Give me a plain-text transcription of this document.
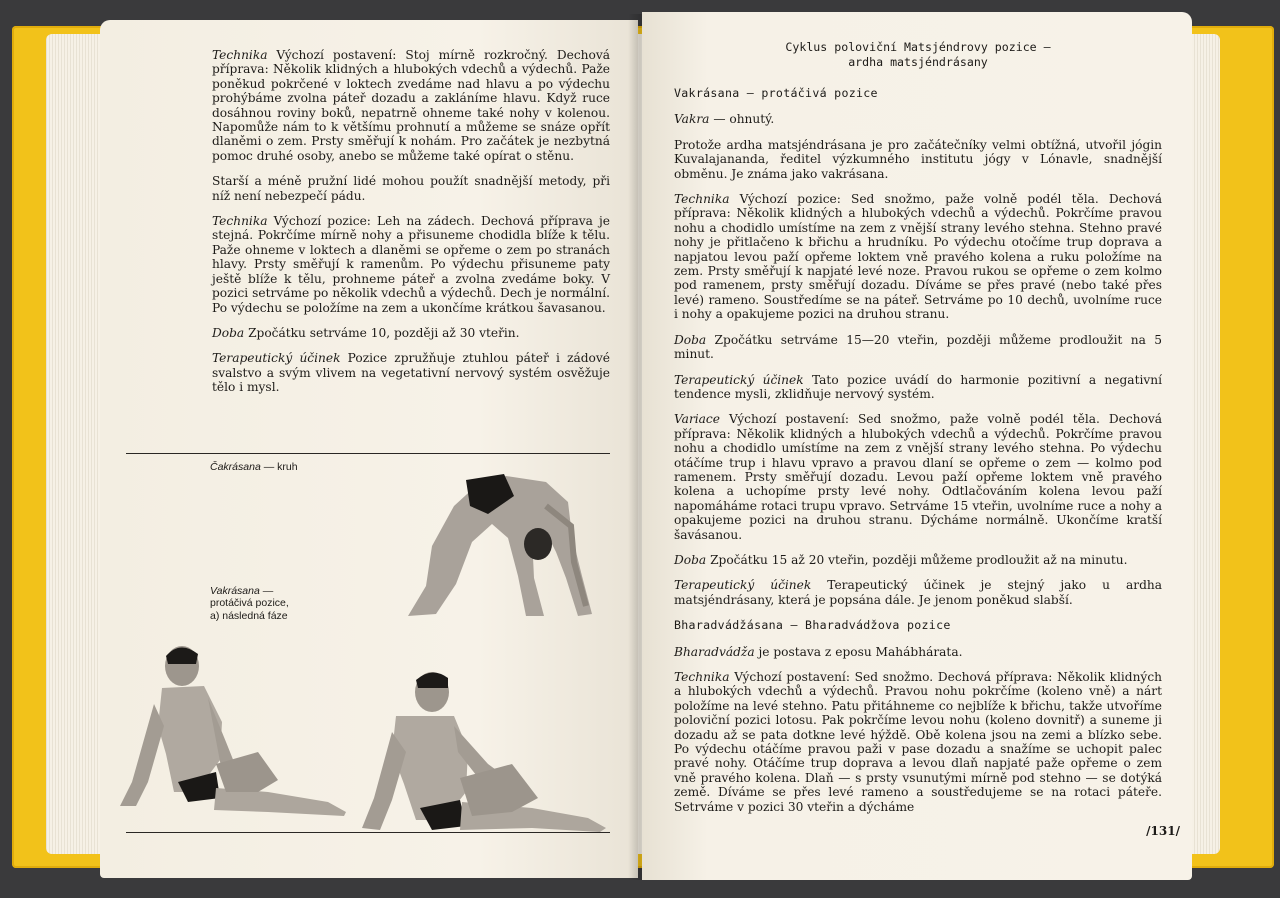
Technika Výchozí postavení: Stoj mírně rozkročný. Dechová příprava: Několik klidných a hlubokých vdechů a výdechů. Paže poněkud pokrčené v loktech zvedáme nad hlavu a po výdechu prohýbáme zvolna páteř dozadu a zakláníme hlavu. Když ruce dosáhnou roviny boků, nepatrně ohneme také nohy v kolenou. Napomůže nám to k většímu prohnutí a můžeme se snáze opřít dlaněmi o zem. Prsty směřují k nohám. Pro začátek je nezbytná pomoc druhé osoby, anebo se můžeme také opírat o stěnu.

Starší a méně pružní lidé mohou použít snadnější metody, při níž není nebezpečí pádu.

Technika Výchozí pozice: Leh na zádech. Dechová příprava je stejná. Pokrčíme mírně nohy a přisuneme chodidla blíže k tělu. Paže ohneme v loktech a dlaněmi se opřeme o zem po stranách hlavy. Prsty směřují k ramenům. Po výdechu přisuneme paty ještě blíže k tělu, prohneme páteř a zvolna zvedáme boky. V pozici setrváme po několik vdechů a výdechů. Dech je normální. Po výdechu se položíme na zem a ukončíme krátkou šavasanou.

Doba Zpočátku setrváme 10, později až 30 vteřin.

Terapeutický účinek Pozice zpružňuje ztuhlou páteř i zádové svalstvo a svým vlivem na vegetativní nervový systém osvěžuje tělo i mysl.

Čakrásana — kruh
Vakrásana —
protáčivá pozice,
a) následná fáze
Cyklus poloviční Matsjéndrovy pozice —
ardha matsjéndrásany
Vakrásana — protáčivá pozice

Vakra — ohnutý.

Protože ardha matsjéndrásana je pro začátečníky velmi obtížná, utvořil jógin Kuvalajananda, ředitel výzkumného institutu jógy v Lónavle, snadnější obměnu. Je známa jako vakrásana.

Technika Výchozí pozice: Sed snožmo, paže volně podél těla. Dechová příprava: Několik klidných a hlubokých vdechů a výdechů. Pokrčíme pravou nohu a chodidlo umístíme na zem z vnější strany levého stehna. Stehno pravé nohy je přitlačeno k břichu a hrudníku. Po výdechu otočíme trup doprava a napjatou levou paží opřeme loktem vně pravého kolena a ruku položíme na zem. Prsty směřují k napjaté levé noze. Pravou rukou se opřeme o zem kolmo pod ramenem, prsty směřují dozadu. Díváme se přes pravé (nebo také přes levé) rameno. Soustředíme se na páteř. Setrváme po 10 dechů, uvolníme ruce i nohy a opakujeme pozici na druhou stranu.

Doba Zpočátku setrváme 15—20 vteřin, později můžeme prodloužit na 5 minut.

Terapeutický účinek Tato pozice uvádí do harmonie pozitivní a negativní tendence mysli, zklidňuje nervový systém.

Variace Výchozí postavení: Sed snožmo, paže volně podél těla. Dechová příprava: Několik klidných a hlubokých vdechů a výdechů. Pokrčíme pravou nohu a chodidlo umístíme na zem z vnější strany levého stehna. Po výdechu otáčíme trup i hlavu vpravo a pravou dlaní se opřeme o zem — kolmo pod ramenem. Prsty směřují dozadu. Levou paží opřeme loktem vně pravého kolena a uchopíme prsty levé nohy. Odtlačováním kolena levou paží napomáháme rotaci trupu vpravo. Setrváme 15 vteřin, uvolníme ruce a nohy a opakujeme pozici na druhou stranu. Dýcháme normálně. Ukončíme kratší šavásanou.

Doba Zpočátku 15 až 20 vteřin, později můžeme prodloužit až na minutu.

Terapeutický účinek Terapeutický účinek je stejný jako u ardha matsjéndrásany, která je popsána dále. Je jenom poněkud slabší.

Bharadvádžásana — Bharadvádžova pozice

Bharadvádža je postava z eposu Mahábhárata.

Technika Výchozí postavení: Sed snožmo. Dechová příprava: Několik klidných a hlubokých vdechů a výdechů. Pravou nohu pokrčíme (koleno vně) a nárt položíme na levé stehno. Patu přitáhneme co nejblíže k břichu, takže utvoříme poloviční pozici lotosu. Pak pokrčíme levou nohu (koleno dovnitř) a suneme ji dozadu až se pata dotkne levé hýždě. Obě kolena jsou na zemi a blízko sebe. Po výdechu otáčíme pravou paži v pase dozadu a snažíme se uchopit palec pravé nohy. Otáčíme trup doprava a levou dlaň napjaté paže opřeme o zem vně pravého kolena. Dlaň — s prsty vsunutými mírně pod stehno — se dotýká země. Díváme se přes levé rameno a soustředujeme se na rotaci páteře. Setrváme v pozici 30 vteřin a dýcháme

/131/
